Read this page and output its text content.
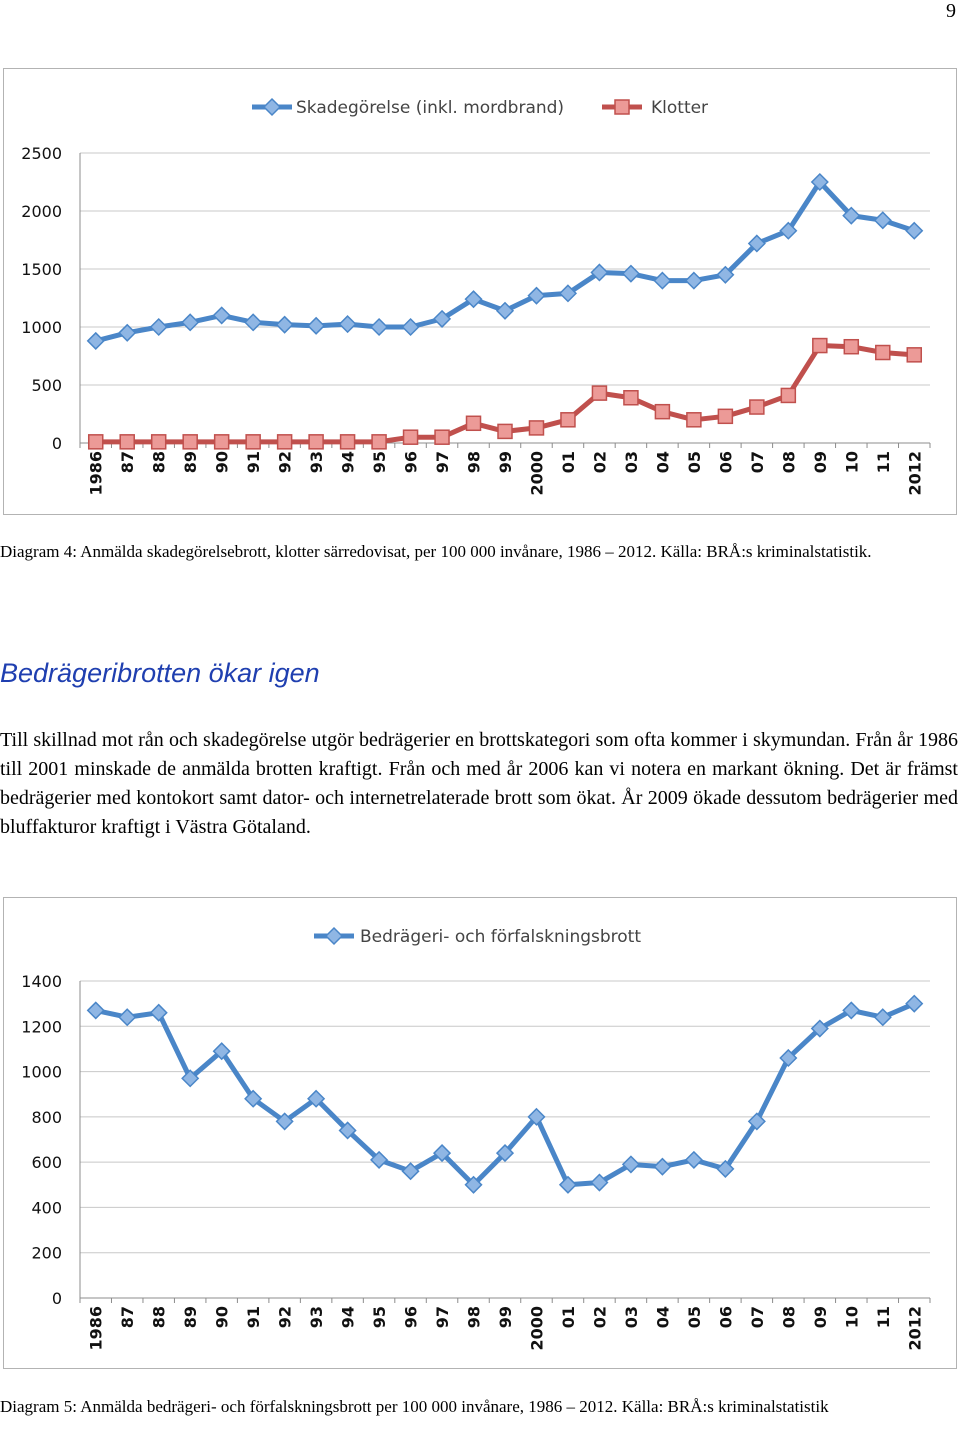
9
0
500
1000
1500
2000
2500
1986 87 88 89 90 91 92 93 94 95 96 97 98 99 2000 01 02 03 04 05 06 07 08 09 10 11 2012
Skadegörelse (inkl. mordbrand)	Klotter
Diagram 4: Anmälda skadegörelsebrott, klotter särredovisat, per 100 000 invånare, 1986 – 2012. Källa: BRÅ:s kriminalstatistik.
Bedrägeribrotten ökar igen
Till skillnad mot rån och skadegörelse utgör bedrägerier en brottskategori som ofta kommer i skymundan. Från år 1986 till 2001 minskade de anmälda brotten kraftigt. Från och med år 2006 kan vi notera en markant ökning. Det är främst bedrägerier med kontokort samt dator- och internetrelaterade brott som ökat. År 2009 ökade dessutom bedrägerier med bluffakturor kraftigt i Västra Götaland.
0
200
400
600
800
1000
1200
1400
1986 87 88 89 90 91 92 93 94 95 96 97 98 99 2000 01 02 03 04 05 06 07 08 09 10 11 2012
Bedrägeri- och förfalskningsbrott
Diagram 5: Anmälda bedrägeri- och förfalskningsbrott per 100 000 invånare, 1986 – 2012. Källa: BRÅ:s kriminalstatistik
